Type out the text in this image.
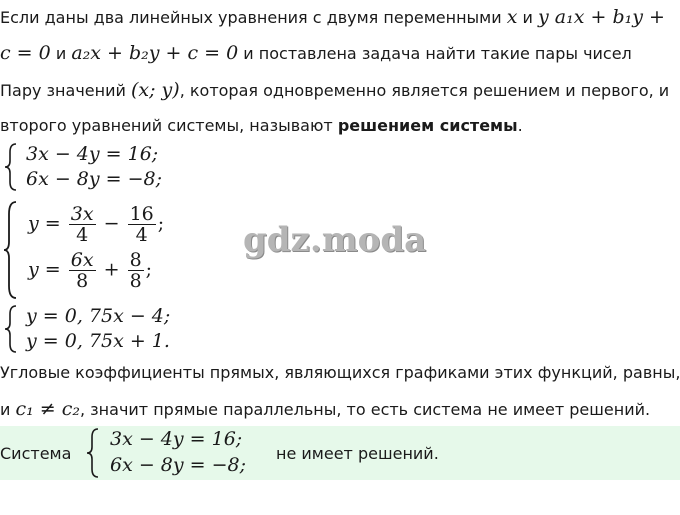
Если даны два линейных уравнения с двумя переменными x и y a₁x + b₁y +
c = 0 и a₂x + b₂y + c = 0 и поставлена задача найти такие пары чисел
Пару значений (x; y), которая одновременно является решением и первого, и
второго уравнений системы, называют решением системы.
3x − 4y = 16;
6x − 8y = −8;
$y = \frac{3x}{4} - \frac{16}{4}$ ;
$y = \frac{6x}{8} + \frac{8}{8}$ ;
gdz.moda
y = 0, 75x − 4;
y = 0, 75x + 1.
Угловые коэффициенты прямых, являющихся графиками этих функций, равны,
и c₁ ≠ c₂, значит прямые параллельны, то есть система не имеет решений.
Система
3x − 4y = 16;
6x − 8y = −8;
не имеет решений.
